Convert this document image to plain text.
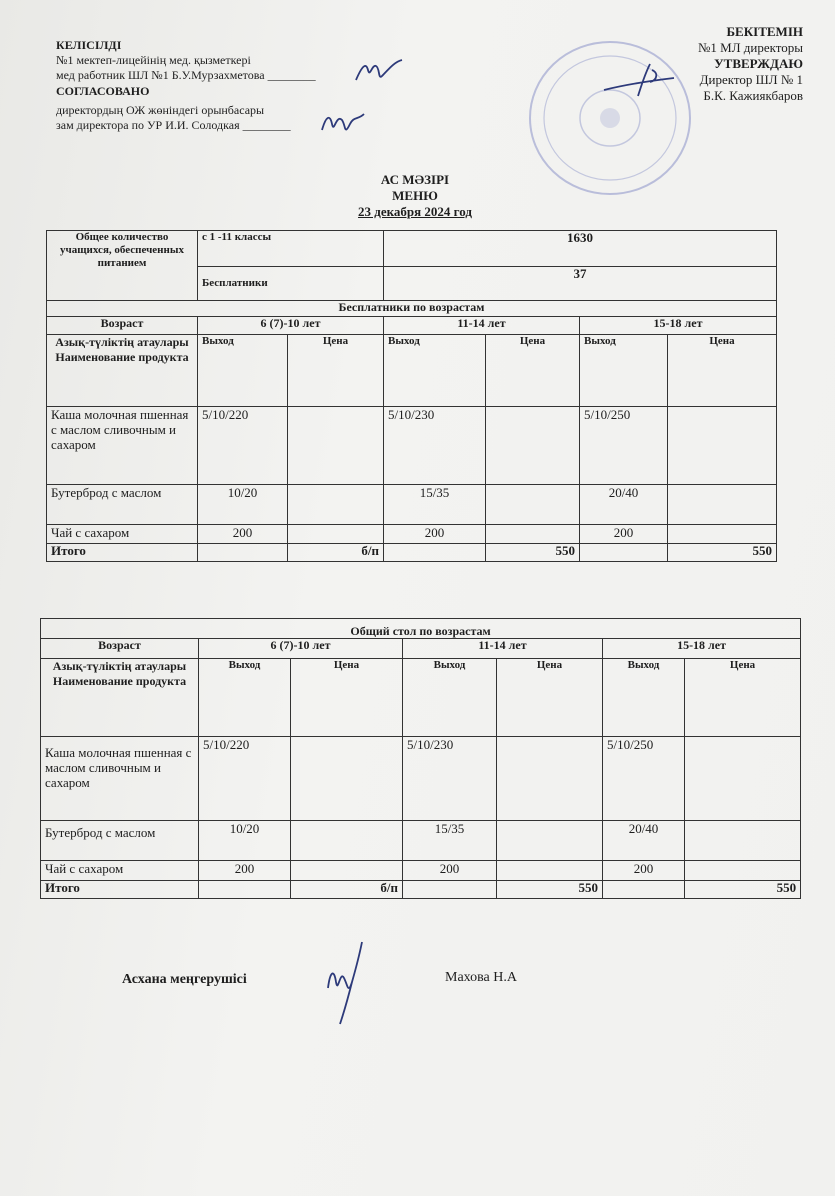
КЕЛІСІЛДІ
№1 мектеп-лицейінің мед. қызметкері
мед работник ШЛ №1 Б.У.Мурзахметова ________
СОГЛАСОВАНО
директордың ОЖ жөніндегі орынбасары
зам директора по УР И.И. Солодкая ________
БЕКІТЕМІН
№1 МЛ директоры
УТВЕРЖДАЮ
Директор ШЛ № 1
Б.К. Кажиякбаров
АС МӘЗІРІ
МЕНЮ
23 декабря 2024 год
Общее количество учащихся, обеспеченных питанием	с 1 -11 классы		1630			
	Бесплатники		37			
Бесплатники по возрастам						
Возраст	6 (7)-10 лет		11-14 лет		15-18 лет	
Азық-түліктің атаулары Наименование продукта	Выход	Цена	Выход	Цена	Выход	Цена
Каша молочная пшенная с маслом сливочным и сахаром	5/10/220		5/10/230		5/10/250	
Бутерброд с маслом	10/20		15/35		20/40	
Чай с сахаром	200		200		200	
Итого		б/п		550		550
Общий стол по возрастам						
Возраст	6 (7)-10 лет		11-14 лет		15-18 лет	
Азық-түліктің атаулары Наименование продукта	Выход	Цена	Выход	Цена	Выход	Цена
Каша молочная пшенная с маслом сливочным и сахаром	5/10/220		5/10/230		5/10/250	
Бутерброд с маслом	10/20		15/35		20/40	
Чай с сахаром	200		200		200	
Итого		б/п		550		550
Асхана меңгерушісі	Махова Н.А
